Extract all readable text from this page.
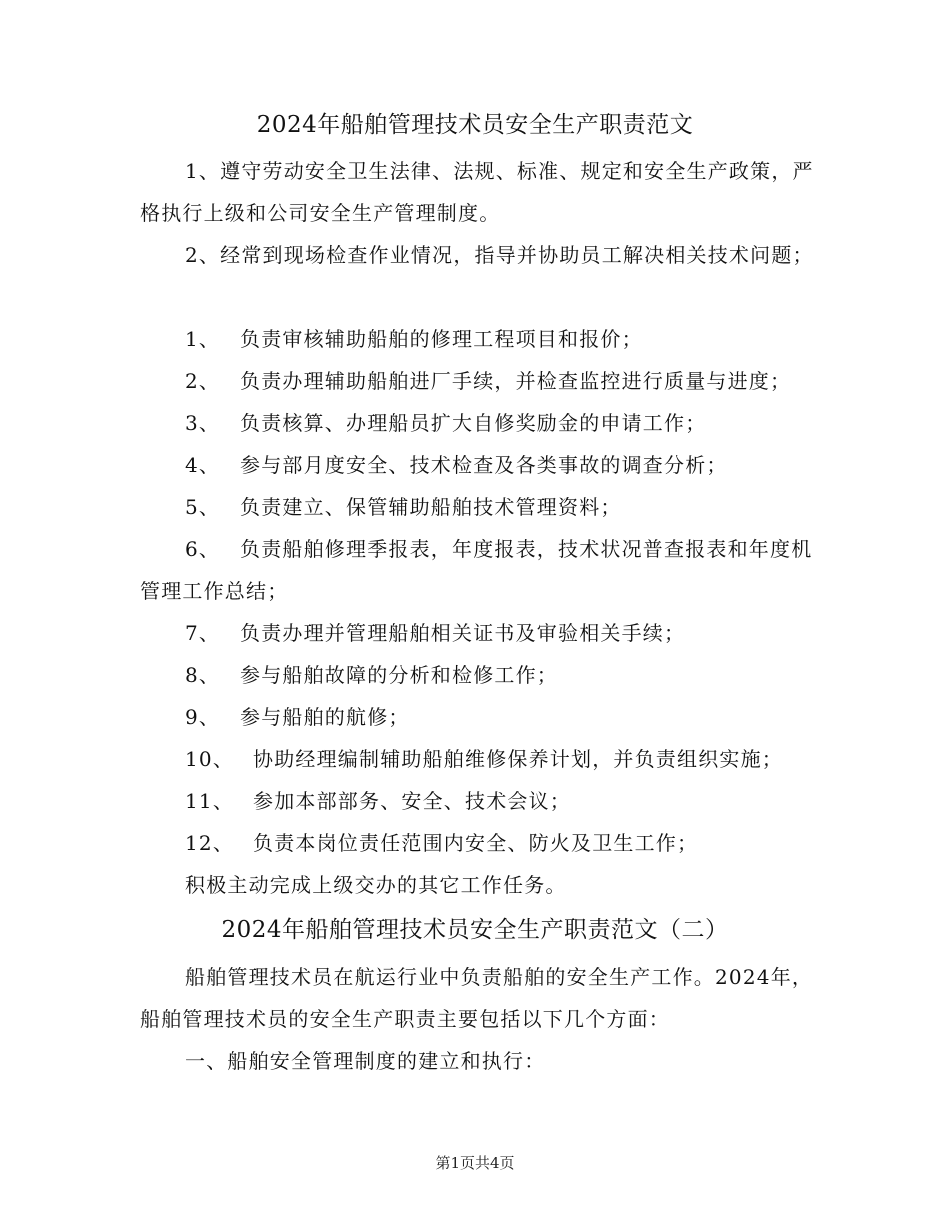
2024年船舶管理技术员安全生产职责范文
1、遵守劳动安全卫生法律、法规、标准、规定和安全生产政策，严格执行上级和公司安全生产管理制度。
2、经常到现场检查作业情况，指导并协助员工解决相关技术问题；
1、 负责审核辅助船舶的修理工程项目和报价；
2、 负责办理辅助船舶进厂手续，并检查监控进行质量与进度；
3、 负责核算、办理船员扩大自修奖励金的申请工作；
4、 参与部月度安全、技术检查及各类事故的调查分析；
5、 负责建立、保管辅助船舶技术管理资料；
6、 负责船舶修理季报表，年度报表，技术状况普查报表和年度机管理工作总结；
7、 负责办理并管理船舶相关证书及审验相关手续；
8、 参与船舶故障的分析和检修工作；
9、 参与船舶的航修；
10、 协助经理编制辅助船舶维修保养计划，并负责组织实施；
11、 参加本部部务、安全、技术会议；
12、 负责本岗位责任范围内安全、防火及卫生工作；
积极主动完成上级交办的其它工作任务。
2024年船舶管理技术员安全生产职责范文（二）
船舶管理技术员在航运行业中负责船舶的安全生产工作。2024年，船舶管理技术员的安全生产职责主要包括以下几个方面：
一、船舶安全管理制度的建立和执行：
第1页共4页
